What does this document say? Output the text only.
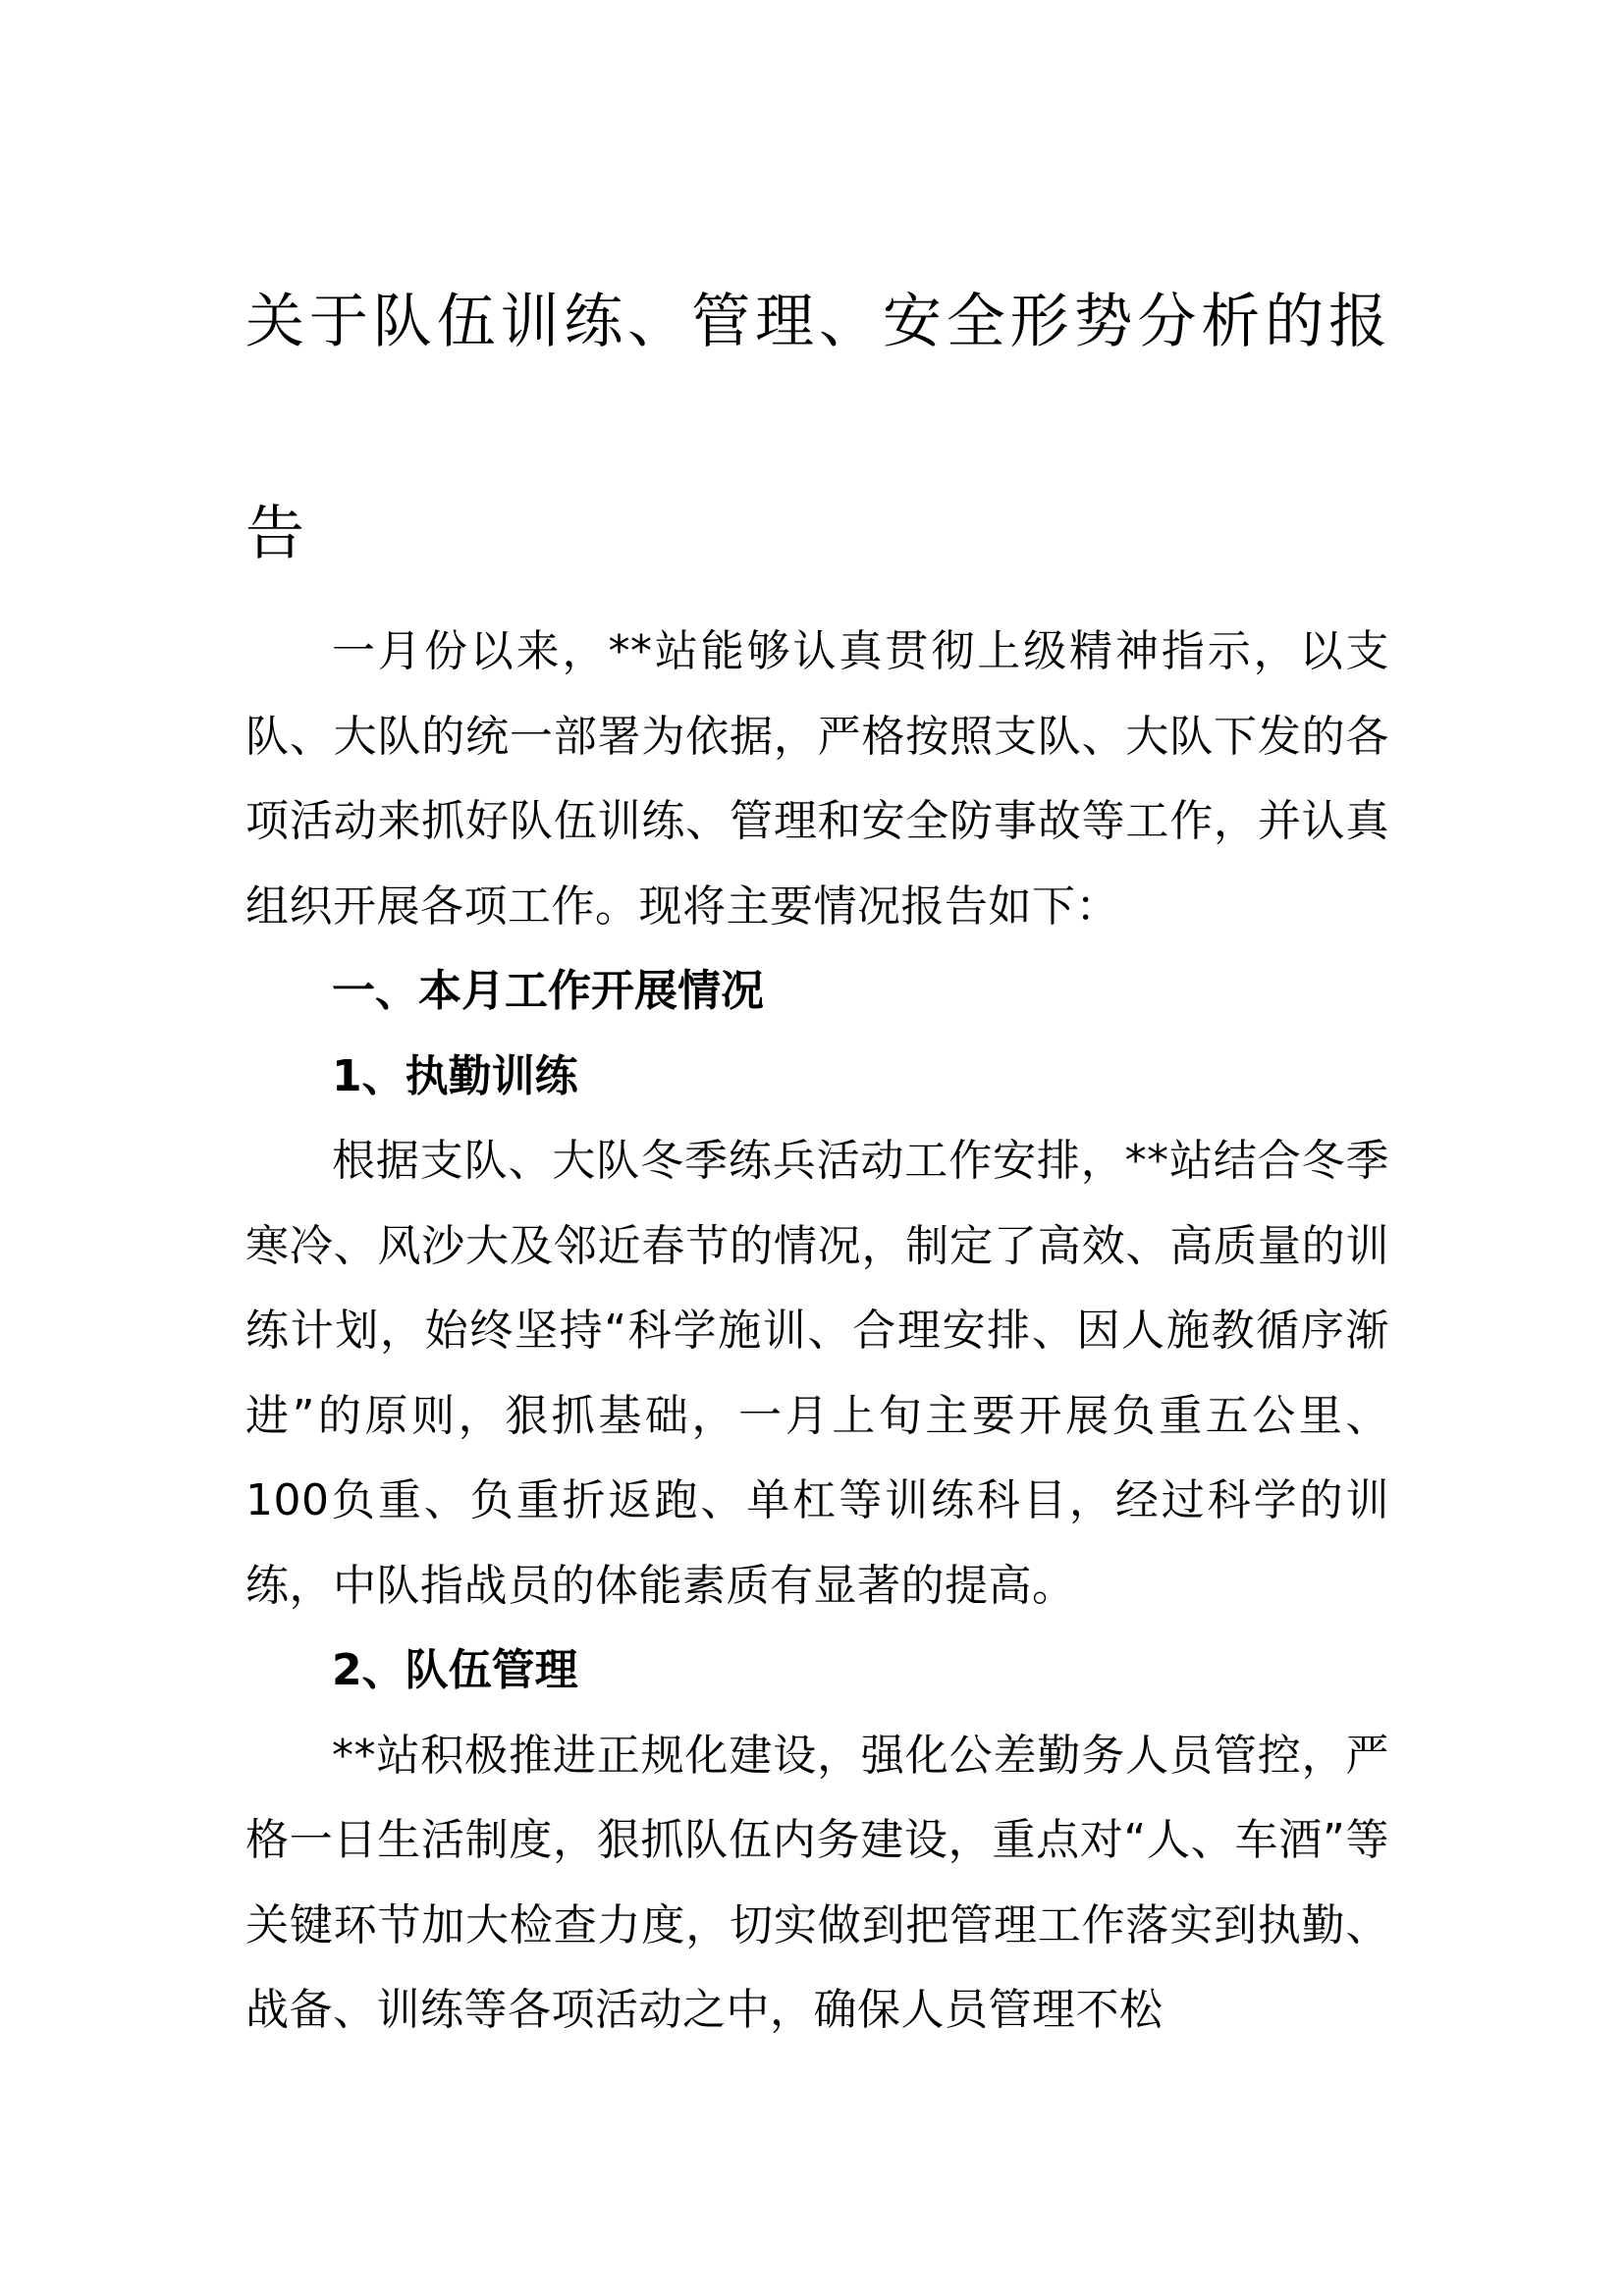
关于队伍训练、管理、安全形势分析的报告

一月份以来，**站能够认真贯彻上级精神指示，以支队、大队的统一部署为依据，严格按照支队、大队下发的各项活动来抓好队伍训练、管理和安全防事故等工作，并认真组织开展各项工作。现将主要情况报告如下：

一、本月工作开展情况

1、执勤训练

根据支队、大队冬季练兵活动工作安排，**站结合冬季寒冷、风沙大及邻近春节的情况，制定了高效、高质量的训练计划，始终坚持“科学施训、合理安排、因人施教循序渐进”的原则，狠抓基础，一月上旬主要开展负重五公里、100负重、负重折返跑、单杠等训练科目，经过科学的训练，中队指战员的体能素质有显著的提高。

2、队伍管理

**站积极推进正规化建设，强化公差勤务人员管控，严格一日生活制度，狠抓队伍内务建设，重点对“人、车酒”等关键环节加大检查力度，切实做到把管理工作落实到执勤、战备、训练等各项活动之中，确保人员管理不松
